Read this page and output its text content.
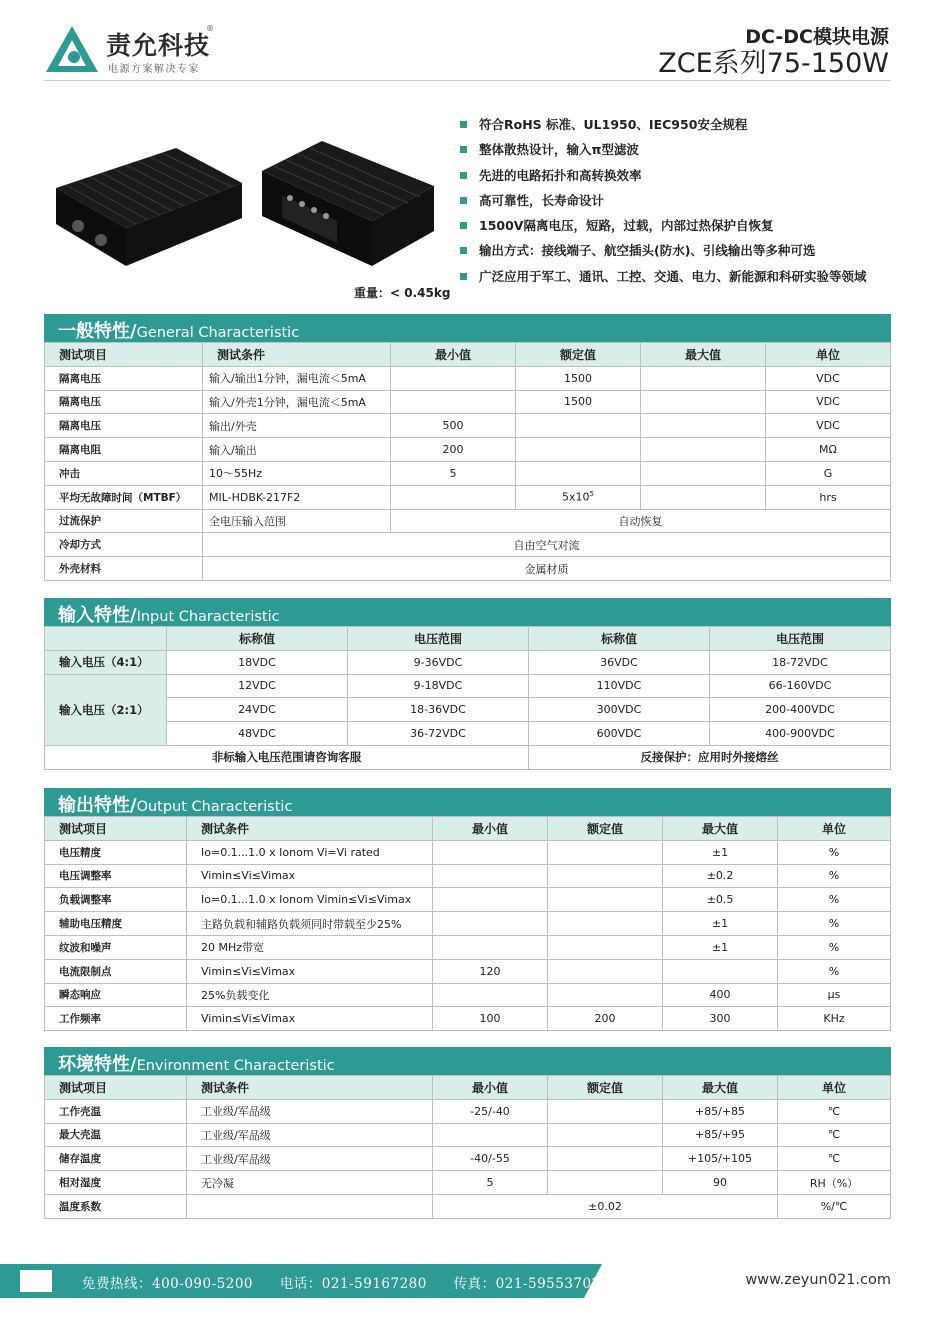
责允科技
电源方案解决专家
®	DC-DC模块电源
ZCE系列75-150W
重量：< 0.45kg
符合RoHS 标准、UL1950、IEC950安全规程
整体散热设计，输入π型滤波
先进的电路拓扑和高转换效率
高可靠性，长寿命设计
1500V隔离电压，短路，过载，内部过热保护自恢复
输出方式：接线端子、航空插头(防水)、引线输出等多种可选
广泛应用于军工、通讯、工控、交通、电力、新能源和科研实验等领域
一般特性/General Characteristic
测试项目	测试条件	最小值	额定值	最大值	单位
隔离电压	输入/输出1分钟，漏电流＜5mA		1500		VDC
隔离电压	输入/外壳1分钟，漏电流＜5mA		1500		VDC
隔离电压	输出/外壳	500			VDC
隔离电阻	输入/输出	200			MΩ
冲击	10～55Hz	5			G
平均无故障时间（MTBF）	MIL-HDBK-217F2		$5x10^5$		hrs
过流保护	全电压输入范围	自动恢复			
冷却方式	自由空气对流				
外壳材料	金属材质				
输入特性/Input Characteristic
	标称值	电压范围	标称值	电压范围
输入电压（4:1）	18VDC	9-36VDC	36VDC	18-72VDC
输入电压（2:1）	12VDC	9-18VDC	110VDC	66-160VDC
	24VDC	18-36VDC	300VDC	200-400VDC
	48VDC	36-72VDC	600VDC	400-900VDC
非标输入电压范围请咨询客服			反接保护：应用时外接熔丝	
输出特性/Output Characteristic
测试项目	测试条件	最小值	额定值	最大值	单位
电压精度	Io=0.1...1.0 x Ionom Vi=Vi rated			±1	%
电压调整率	Vimin≤Vi≤Vimax			±0.2	%
负载调整率	Io=0.1...1.0 x Ionom Vimin≤Vi≤Vimax			±0.5	%
辅助电压精度	主路负载和辅路负载须同时带载至少25%			±1	%
纹波和噪声	20 MHz带宽			±1	%
电流限制点	Vimin≤Vi≤Vimax	120			%
瞬态响应	25%负载变化			400	μs
工作频率	Vimin≤Vi≤Vimax	100	200	300	KHz
环境特性/Environment Characteristic
测试项目	测试条件	最小值	额定值	最大值	单位
工作壳温	工业级/军品级	-25/-40		+85/+85	℃
最大壳温	工业级/军品级			+85/+95	℃
储存温度	工业级/军品级	-40/-55		+105/+105	℃
相对湿度	无冷凝	5		90	RH（%）
温度系数		±0.02			%/℃
免费热线：400-090-5200 电话：021-59167280 传真：021-59553702	www.zeyun021.com
